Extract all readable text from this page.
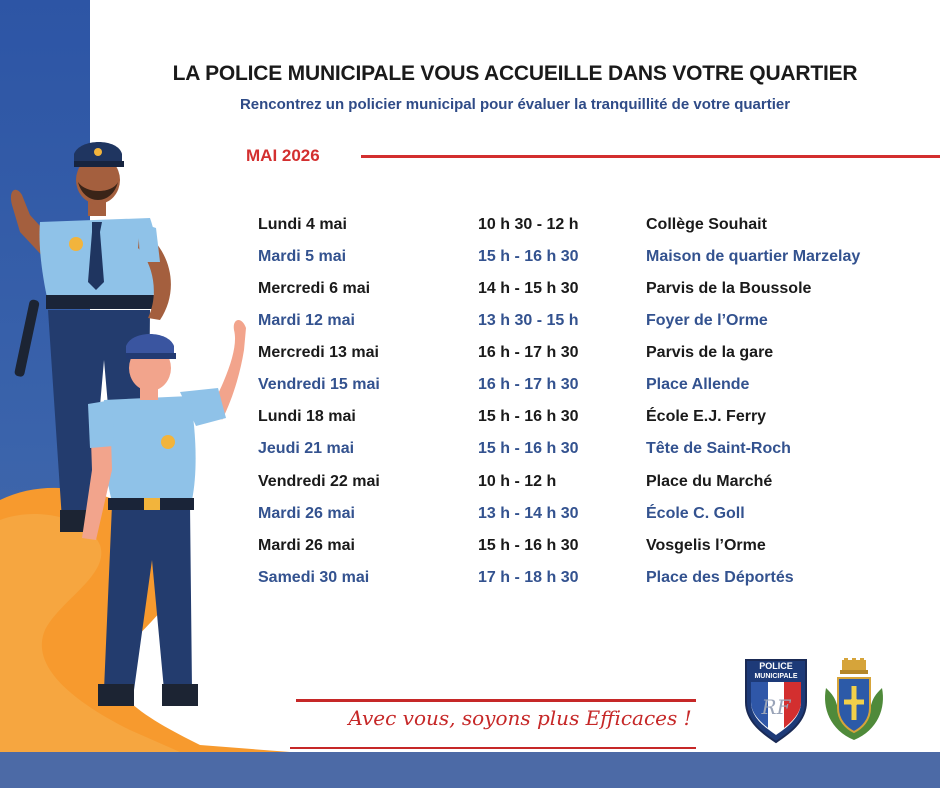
LA POLICE MUNICIPALE VOUS ACCUEILLE DANS VOTRE QUARTIER
Rencontrez un policier municipal pour évaluer la tranquillité de votre quartier
MAI 2026
Lundi 4 mai	10 h 30 - 12 h	Collège Souhait
Mardi 5 mai	15 h - 16 h 30	Maison de quartier Marzelay
Mercredi 6 mai	14 h - 15 h 30	Parvis de la Boussole
Mardi 12 mai	13 h 30 - 15 h	Foyer de l’Orme
Mercredi 13 mai	16 h - 17 h 30	Parvis de la gare
Vendredi 15 mai	16 h - 17 h 30	Place Allende
Lundi 18 mai	15 h - 16 h 30	École E.J. Ferry
Jeudi 21 mai	15 h - 16 h 30	Tête de Saint-Roch
Vendredi 22 mai	10 h - 12 h	Place du Marché
Mardi 26 mai	13 h - 14 h 30	École C. Goll
Mardi 26 mai	15 h - 16 h 30	Vosgelis l’Orme
Samedi 30 mai	17 h - 18 h 30	Place des Déportés
Avec vous, soyons plus Efficaces !
POLICE
MUNICIPALE
RF
